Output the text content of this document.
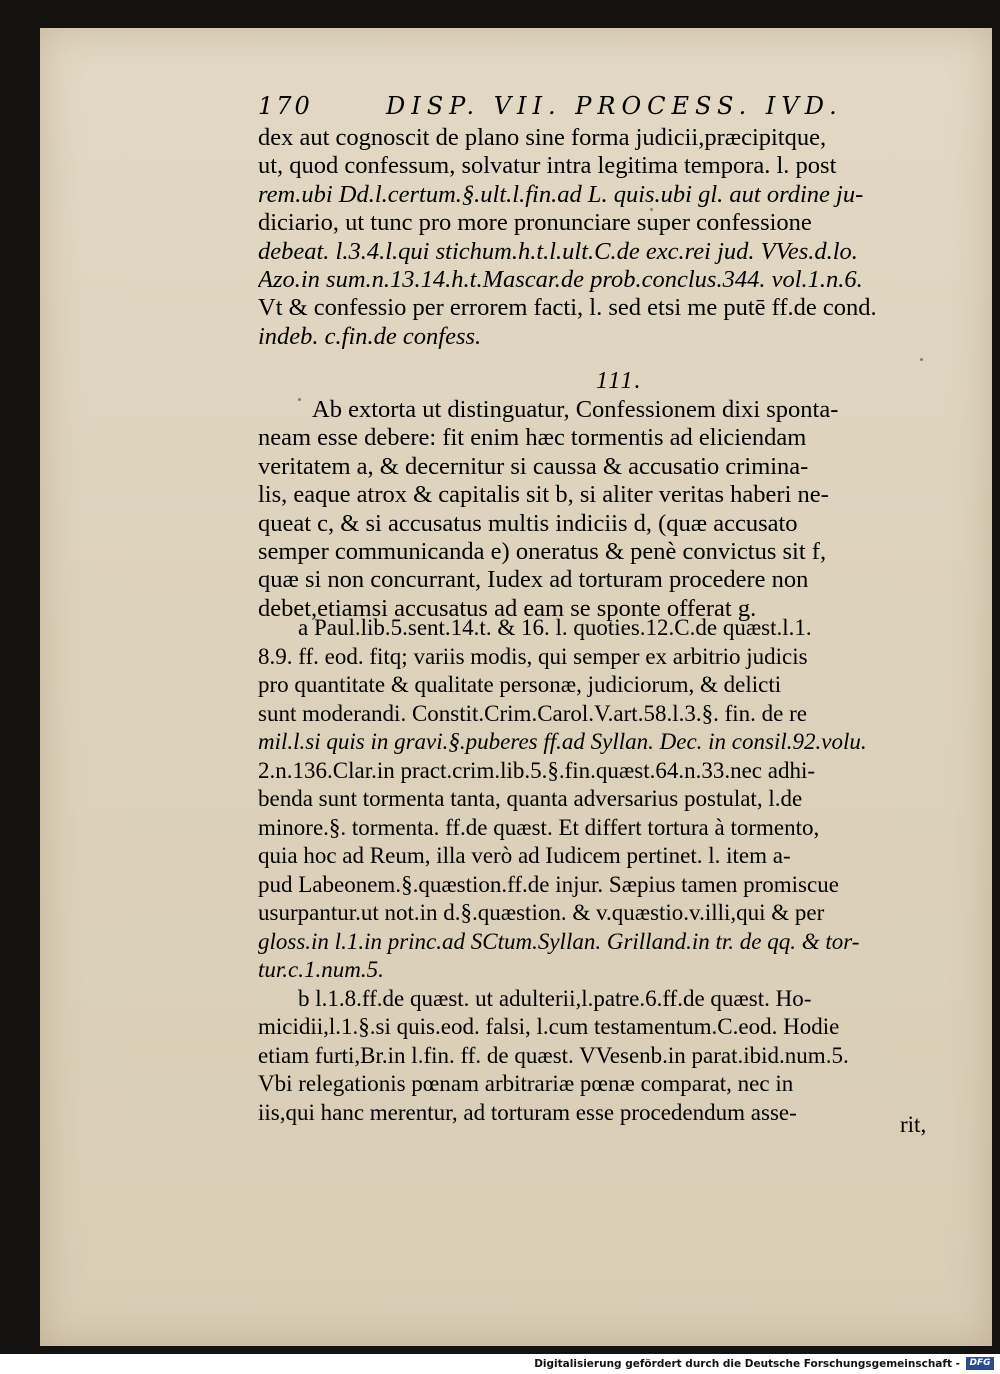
170	DISP. VII. PROCESS. IVD.
dex aut cognoscit de plano sine forma judicii,præcipitque,
ut, quod confessum, solvatur intra legitima tempora. l. post
rem.ubi Dd.l.certum.§.ult.l.fin.ad L. quis.ubi gl. aut ordine ju-
diciario, ut tunc pro more pronunciare super confessione
debeat. l.3.4.l.qui stichum.h.t.l.ult.C.de exc.rei jud. VVes.d.lo.
Azo.in sum.n.13.14.h.t.Mascar.de prob.conclus.344. vol.1.n.6.
Vt & confessio per errorem facti, l. sed etsi me putē ff.de cond.
indeb. c.fin.de confess.
111.
Ab extorta ut distinguatur, Confessionem dixi sponta-
neam esse debere: fit enim hæc tormentis ad eliciendam
veritatem a, & decernitur si caussa & accusatio crimina-
lis, eaque atrox & capitalis sit b, si aliter veritas haberi ne-
queat c, & si accusatus multis indiciis d, (quæ accusato
semper communicanda e) oneratus & penè convictus sit f,
quæ si non concurrant, Iudex ad torturam procedere non
debet,etiamsi accusatus ad eam se sponte offerat g.
a Paul.lib.5.sent.14.t. & 16. l. quoties.12.C.de quæst.l.1.
8.9. ff. eod. fitq; variis modis, qui semper ex arbitrio judicis
pro quantitate & qualitate personæ, judiciorum, & delicti
sunt moderandi. Constit.Crim.Carol.V.art.58.l.3.§. fin. de re
mil.l.si quis in gravi.§.puberes ff.ad Syllan. Dec. in consil.92.volu.
2.n.136.Clar.in pract.crim.lib.5.§.fin.quæst.64.n.33.nec adhi-
benda sunt tormenta tanta, quanta adversarius postulat, l.de
minore.§. tormenta. ff.de quæst. Et differt tortura à tormento,
quia hoc ad Reum, illa verò ad Iudicem pertinet. l. item a-
pud Labeonem.§.quæstion.ff.de injur. Sæpius tamen promiscue
usurpantur.ut not.in d.§.quæstion. & v.quæstio.v.illi,qui & per
gloss.in l.1.in princ.ad SCtum.Syllan. Grilland.in tr. de qq. & tor-
tur.c.1.num.5.
b l.1.8.ff.de quæst. ut adulterii,l.patre.6.ff.de quæst. Ho-
micidii,l.1.§.si quis.eod. falsi, l.cum testamentum.C.eod. Hodie
etiam furti,Br.in l.fin. ff. de quæst. VVesenb.in parat.ibid.num.5.
Vbi relegationis pœnam arbitrariæ pœnæ comparat, nec in
iis,qui hanc merentur, ad torturam esse procedendum asse-	rit,
Digitalisierung gefördert durch die Deutsche Forschungsgemeinschaft -	DFG
